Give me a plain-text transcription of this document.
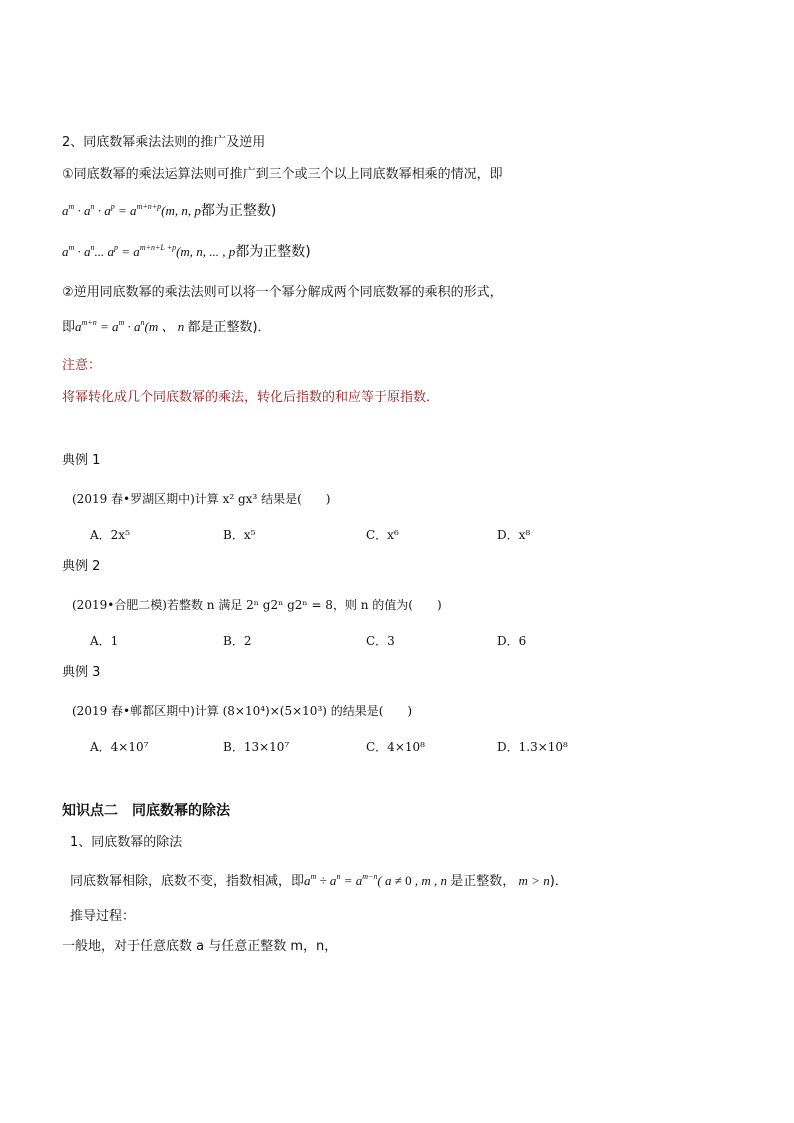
2、同底数幂乘法法则的推广及逆用
①同底数幂的乘法运算法则可推广到三个或三个以上同底数幂相乘的情况，即
$a^m \cdot a^n \cdot a^p = a^{m+n+p}(m$, n, p都为正整数)
$a^m \cdot a^n$... $a^p = a^{m+n+L +p}(m$, n, ... , p都为正整数)
②逆用同底数幂的乘法法则可以将一个幂分解成两个同底数幂的乘积的形式，
即$a^{m+n} = a^m \cdot a^n(m$ 、 n 都是正整数)．
注意：
将幂转化成几个同底数幂的乘法，转化后指数的和应等于原指数．
典例 1
(2019 春•罗湖区期中)计算 x² gx³ 结果是(　　)
A．2x⁵	B．x⁵	C．x⁶	D．x⁸
典例 2
(2019•合肥二模)若整数 n 满足 2ⁿ g2ⁿ g2ⁿ = 8，则 n 的值为(　　)
A．1	B．2	C．3	D．6
典例 3
(2019 春•郸都区期中)计算 (8×10⁴)×(5×10³) 的结果是(　　)
A．4×10⁷	B．13×10⁷	C．4×10⁸	D．1.3×10⁸
知识点二　同底数幂的除法
1、同底数幂的除法
同底数幂相除，底数不变，指数相减，即$a^m \div a^n = a^{m-n}$( a ≠ 0 , m , n 是正整数， m > n)．
推导过程：
一般地，对于任意底数 a 与任意正整数 m，n，
